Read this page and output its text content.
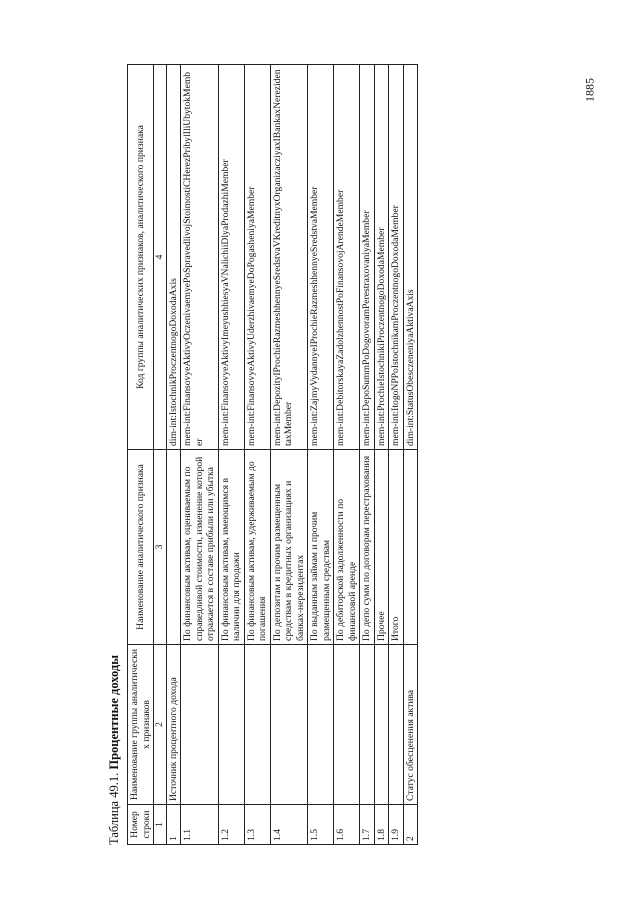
1885
Таблица 49.1. Процентные доходы
Номер строки	Наименование группы аналитических признаков	Наименование аналитического признака	Код группы аналитических признаков, аналитического признака
1	2	3	4
1	Источник процентного дохода		dim-int:IstochnikProczentnogoDoxodaAxis
1.1		По финансовым активам, оцениваемым по справедливой стоимости, изменение которой отражается в составе прибыли или убытка	mem-int:FinansovyeAktivyOczenivaemyePoSpravedlivojStoimostiCHerezPribylIliUbytokMember
1.2		По финансовым активам, имеющимся в наличии для продажи	mem-int:FinansovyeAktivyImeyushhiesyaVNalichiiDlyaProdazhiMember
1.3		По финансовым активам, удерживаемым до погашения	mem-int:FinansovyeAktivyUderzhivaemyeDoPogasheniyaMember
1.4		По депозитам и прочим размещенным средствам в кредитных организациях и банках-нерезидентах	mem-int:DepozityIProchieRazmeshhennyeSredstvaVKreditnyxOrganizacziyaxIBankaxNerezidentaxMember
1.5		По выданным займам и прочим размещенным средствам	mem-int:ZajmyVydannyeIProchieRazmeshhennyeSredstvaMember
1.6		По дебиторской задолженности по финансовой аренде	mem-int:DebitorskayaZadolzhennostPoFinansovojArendeMember
1.7		По депо сумм по договорам перестрахования	mem-int:DepoSummPoDogovoramPerestraxovaniyaMember
1.8		Прочее	mem-int:ProchieIstochnikiProczentnogoDoxodaMember
1.9		Итого	mem-int:ItogoNPPoIstochnikamProczentnogoDoxodaMember
2	Статус обесценения актива		dim-int:StatusObesczeneniyaAktivaAxis
